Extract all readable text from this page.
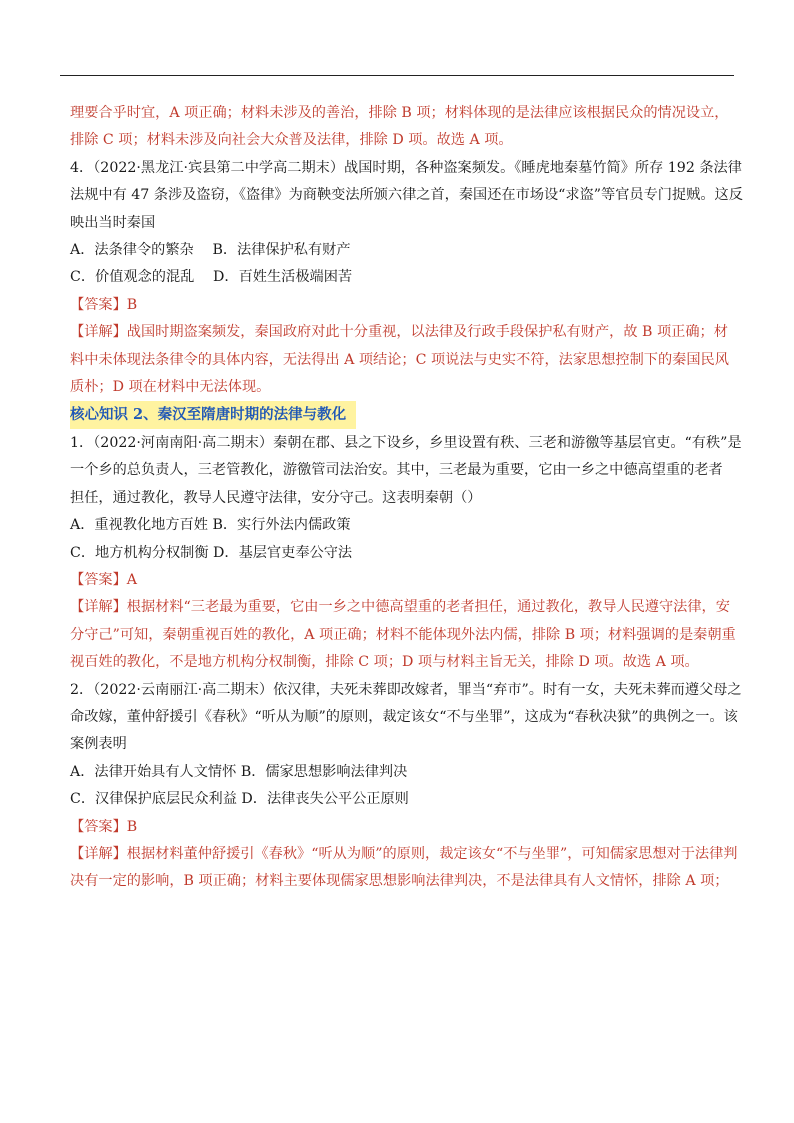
理要合乎时宜，A 项正确；材料未涉及的善治，排除 B 项；材料体现的是法律应该根据民众的情况设立，

排除 C 项；材料未涉及向社会大众普及法律，排除 D 项。故选 A 项。

4．（2022·黑龙江·宾县第二中学高二期末）战国时期，各种盗案频发。《睡虎地秦墓竹简》所存 192 条法律

法规中有 47 条涉及盗窃，《盗律》为商鞅变法所颁六律之首，秦国还在市场设“求盗”等官员专门捉贼。这反

映出当时秦国

A．法条律令的繁杂　 B．法律保护私有财产

C．价值观念的混乱　 D．百姓生活极端困苦

【答案】B

【详解】战国时期盗案频发，秦国政府对此十分重视，以法律及行政手段保护私有财产，故 B 项正确；材

料中未体现法条律令的具体内容，无法得出 A 项结论；C 项说法与史实不符，法家思想控制下的秦国民风

质朴；D 项在材料中无法体现。

核心知识 2、秦汉至隋唐时期的法律与教化

1．（2022·河南南阳·高二期末）秦朝在郡、县之下设乡，乡里设置有秩、三老和游徼等基层官吏。“有秩”是

一个乡的总负责人，三老管教化，游徼管司法治安。其中，三老最为重要，它由一乡之中德高望重的老者

担任，通过教化，教导人民遵守法律，安分守己。这表明秦朝（）

A．重视教化地方百姓 B．实行外法内儒政策

C．地方机构分权制衡 D．基层官吏奉公守法

【答案】A

【详解】根据材料“三老最为重要，它由一乡之中德高望重的老者担任，通过教化，教导人民遵守法律，安

分守己”可知，秦朝重视百姓的教化，A 项正确；材料不能体现外法内儒，排除 B 项；材料强调的是秦朝重

视百姓的教化，不是地方机构分权制衡，排除 C 项；D 项与材料主旨无关，排除 D 项。故选 A 项。

2．（2022·云南丽江·高二期末）依汉律，夫死未葬即改嫁者，罪当“弃市”。时有一女，夫死未葬而遵父母之

命改嫁，董仲舒援引《春秋》“听从为顺”的原则，裁定该女“不与坐罪”，这成为“春秋决狱”的典例之一。该

案例表明

A．法律开始具有人文情怀 B．儒家思想影响法律判决

C．汉律保护底层民众利益 D．法律丧失公平公正原则

【答案】B

【详解】根据材料董仲舒援引《春秋》“听从为顺”的原则，裁定该女“不与坐罪”，可知儒家思想对于法律判

决有一定的影响，B 项正确；材料主要体现儒家思想影响法律判决，不是法律具有人文情怀，排除 A 项；
